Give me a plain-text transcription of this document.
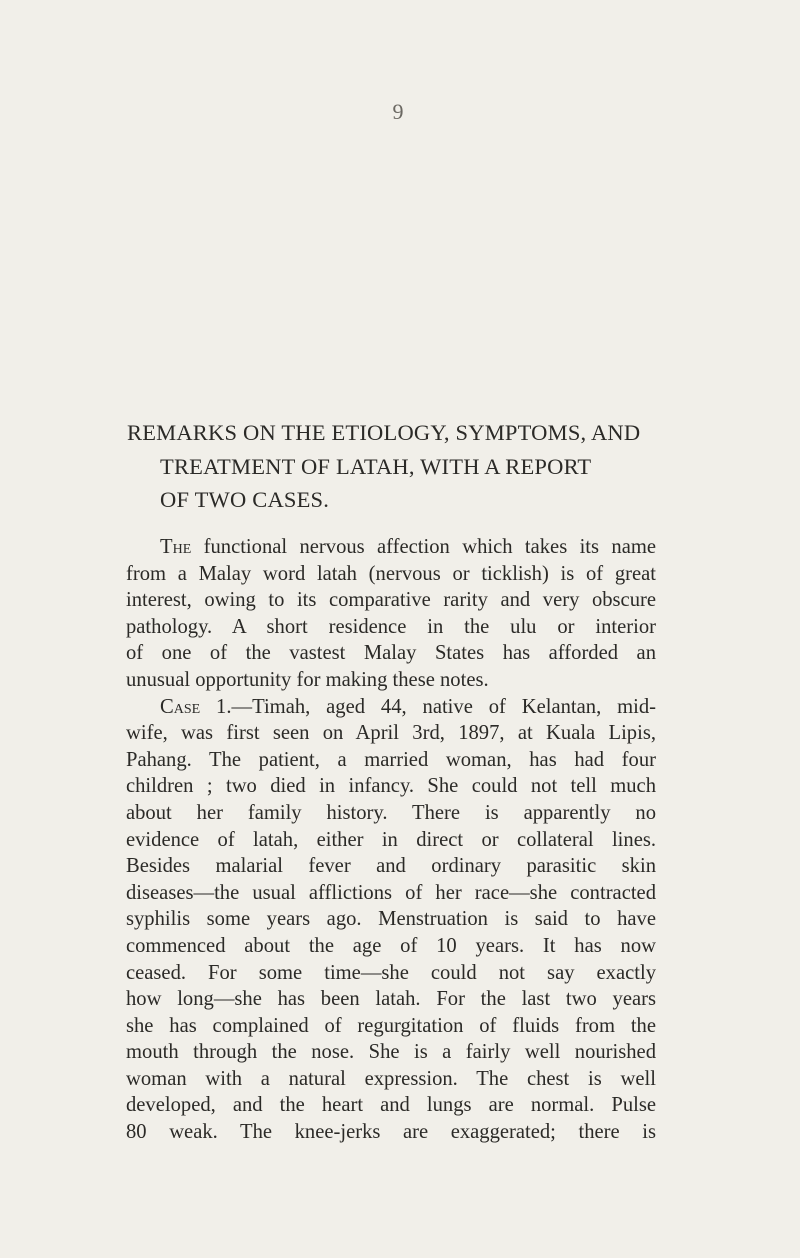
9
REMARKS ON THE ETIOLOGY, SYMPTOMS, AND
TREATMENT OF LATAH, WITH A REPORT
OF TWO CASES.
The functional nervous affection which takes its name
from a Malay word latah (nervous or ticklish) is of great
interest, owing to its comparative rarity and very obscure
pathology. A short residence in the ulu or interior
of one of the vastest Malay States has afforded an
unusual opportunity for making these notes.
Case 1.—Timah, aged 44, native of Kelantan, mid-
wife, was first seen on April 3rd, 1897, at Kuala Lipis,
Pahang. The patient, a married woman, has had four
children ; two died in infancy. She could not tell much
about her family history. There is apparently no
evidence of latah, either in direct or collateral lines.
Besides malarial fever and ordinary parasitic skin
diseases—the usual afflictions of her race—she contracted
syphilis some years ago. Menstruation is said to have
commenced about the age of 10 years. It has now
ceased. For some time—she could not say exactly
how long—she has been latah. For the last two years
she has complained of regurgitation of fluids from the
mouth through the nose. She is a fairly well nourished
woman with a natural expression. The chest is well
developed, and the heart and lungs are normal. Pulse
80 weak. The knee-jerks are exaggerated; there is
